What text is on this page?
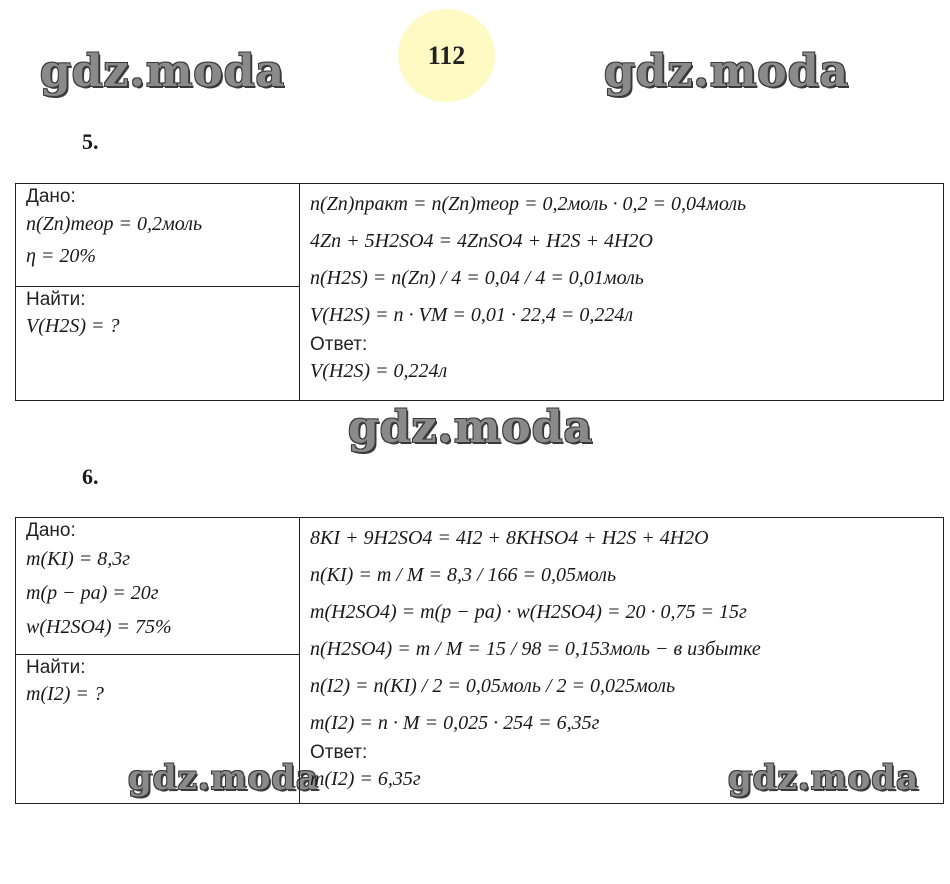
gdz.moda	gdz.moda
gdz.moda
gdz.moda	gdz.moda
112
5.
Дано:
n(Zn)теор = 0,2моль
η = 20%
Найти:
V(H2S) = ?
n(Zn)практ = n(Zn)теор = 0,2моль · 0,2 = 0,04моль
4Zn + 5H2SO4 = 4ZnSO4 + H2S + 4H2O
n(H2S) = n(Zn) / 4 = 0,04 / 4 = 0,01моль
V(H2S) = n · VM = 0,01 · 22,4 = 0,224л
Ответ:
V(H2S) = 0,224л
6.
Дано:
m(KI) = 8,3г
m(p − pa) = 20г
w(H2SO4) = 75%
Найти:
m(I2) = ?
8KI + 9H2SO4 = 4I2 + 8KHSO4 + H2S + 4H2O
n(KI) = m / M = 8,3 / 166 = 0,05моль
m(H2SO4) = m(p − pa) · w(H2SO4) = 20 · 0,75 = 15г
n(H2SO4) = m / M = 15 / 98 = 0,153моль − в избытке
n(I2) = n(KI) / 2 = 0,05моль / 2 = 0,025моль
m(I2) = n · M = 0,025 · 254 = 6,35г
Ответ:
m(I2) = 6,35г
